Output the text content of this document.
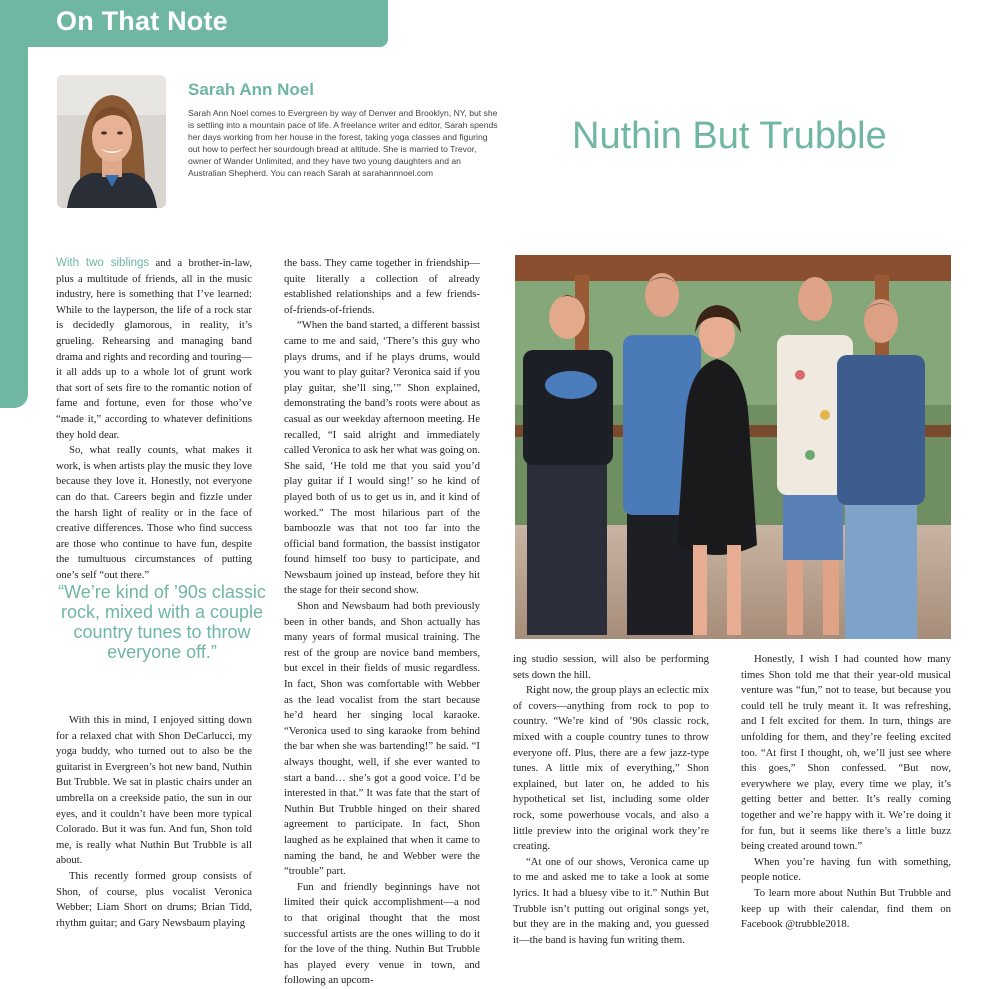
On That Note
Sarah Ann Noel

Sarah Ann Noel comes to Evergreen by way of Denver and Brooklyn, NY, but she is settling into a mountain pace of life. A freelance writer and editor, Sarah spends her days working from her house in the forest, taking yoga classes and figuring out how to perfect her sourdough bread at altitude. She is married to Trevor, owner of Wander Unlimited, and they have two young daughters and an Australian Shepherd. You can reach Sarah at sarahannnoel.com

Nuthin But Trubble

With two siblings and a brother-in-law, plus a multitude of friends, all in the music industry, here is something that I’ve learned: While to the layperson, the life of a rock star is decidedly glamorous, in reality, it’s grueling. Rehearsing and managing band drama and rights and recording and touring—it all adds up to a whole lot of grunt work that sort of sets fire to the romantic notion of fame and fortune, even for those who’ve “made it,” according to whatever definitions they hold dear.

So, what really counts, what makes it work, is when artists play the music they love because they love it. Honestly, not everyone can do that. Careers begin and fizzle under the harsh light of reality or in the face of creative differences. Those who find success are those who continue to have fun, despite the tumultuous circumstances of putting one’s self “out there.”

“We’re kind of ’90s classic rock, mixed with a couple country tunes to throw everyone off.”

With this in mind, I enjoyed sitting down for a relaxed chat with Shon DeCarlucci, my yoga buddy, who turned out to also be the guitarist in Evergreen’s hot new band, Nuthin But Trubble. We sat in plastic chairs under an umbrella on a creekside patio, the sun in our eyes, and it couldn’t have been more typical Colorado. But it was fun. And fun, Shon told me, is really what Nuthin But Trubble is all about.

This recently formed group consists of Shon, of course, plus vocalist Veronica Webber; Liam Short on drums; Brian Tidd, rhythm guitar; and Gary Newsbaum playing

the bass. They came together in friendship—quite literally a collection of already established relationships and a few friends-of-friends-of-friends.

“When the band started, a different bassist came to me and said, ‘There’s this guy who plays drums, and if he plays drums, would you want to play guitar? Veronica said if you play guitar, she’ll sing,’” Shon explained, demonstrating the band’s roots were about as casual as our weekday afternoon meeting. He recalled, “I said alright and immediately called Veronica to ask her what was going on. She said, ‘He told me that you said you’d play guitar if I would sing!’ so he kind of played both of us to get us in, and it kind of worked.” The most hilarious part of the bamboozle was that not too far into the official band formation, the bassist instigator found himself too busy to participate, and Newsbaum joined up instead, before they hit the stage for their second show.

Shon and Newsbaum had both previously been in other bands, and Shon actually has many years of formal musical training. The rest of the group are novice band members, but excel in their fields of music regardless. In fact, Shon was comfortable with Webber as the lead vocalist from the start because he’d heard her singing local karaoke. “Veronica used to sing karaoke from behind the bar when she was bartending!” he said. “I always thought, well, if she ever wanted to start a band… she’s got a good voice. I’d be interested in that.” It was fate that the start of Nuthin But Trubble hinged on their shared agreement to participate. In fact, Shon laughed as he explained that when it came to naming the band, he and Webber were the “trouble” part.

Fun and friendly beginnings have not limited their quick accomplishment—a nod to that original thought that the most successful artists are the ones willing to do it for the love of the thing. Nuthin But Trubble has played every venue in town, and following an upcom-

ing studio session, will also be performing sets down the hill.

Right now, the group plays an eclectic mix of covers—anything from rock to pop to country. “We’re kind of ’90s classic rock, mixed with a couple country tunes to throw everyone off. Plus, there are a few jazz-type tunes. A little mix of everything,” Shon explained, but later on, he added to his hypothetical set list, including some older rock, some powerhouse vocals, and also a little preview into the original work they’re creating.

“At one of our shows, Veronica came up to me and asked me to take a look at some lyrics. It had a bluesy vibe to it.” Nuthin But Trubble isn’t putting out original songs yet, but they are in the making and, you guessed it—the band is having fun writing them.

Honestly, I wish I had counted how many times Shon told me that their year-old musical venture was “fun,” not to tease, but because you could tell he truly meant it. It was refreshing, and I felt excited for them. In turn, things are unfolding for them, and they’re feeling excited too. “At first I thought, oh, we’ll just see where this goes,” Shon confessed. “But now, everywhere we play, every time we play, it’s getting better and better. It’s really coming together and we’re happy with it. We’re doing it for fun, but it seems like there’s a little buzz being created around town.”

When you’re having fun with something, people notice.

To learn more about Nuthin But Trubble and keep up with their calendar, find them on Facebook @trubble2018.
